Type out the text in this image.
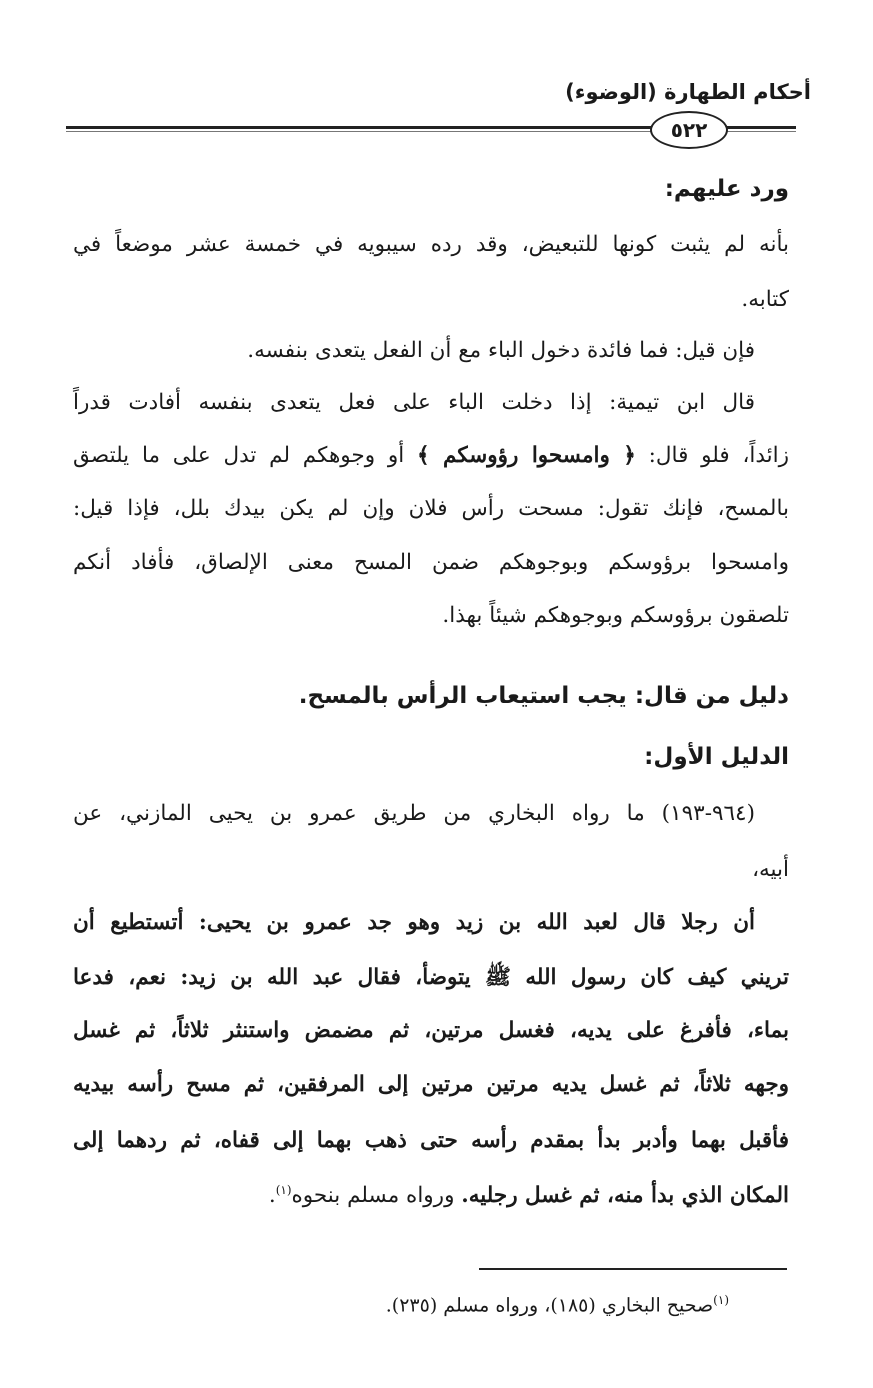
أحكام الطهارة (الوضوء)
٥٢٢
ورد عليهم:
بأنه لم يثبت كونها للتبعيض، وقد رده سيبويه في خمسة عشر موضعاً في
كتابه.
فإن قيل: فما فائدة دخول الباء مع أن الفعل يتعدى بنفسه.
قال ابن تيمية: إذا دخلت الباء على فعل يتعدى بنفسه أفادت قدراً
زائداً، فلو قال: ﴿ وامسحوا رؤوسكم ﴾ أو وجوهكم لم تدل على ما يلتصق
بالمسح، فإنك تقول: مسحت رأس فلان وإن لم يكن بيدك بلل، فإذا قيل:
وامسحوا برؤوسكم وبوجوهكم ضمن المسح معنى الإلصاق، فأفاد أنكم
تلصقون برؤوسكم وبوجوهكم شيئاً بهذا.
دليل من قال: يجب استيعاب الرأس بالمسح.
الدليل الأول:
(٩٦٤-١٩٣) ما رواه البخاري من طريق عمرو بن يحيى المازني، عن
أبيه،
أن رجلا قال لعبد الله بن زيد وهو جد عمرو بن يحيى: أتستطيع أن
تريني كيف كان رسول الله ﷺ يتوضأ، فقال عبد الله بن زيد: نعم، فدعا
بماء، فأفرغ على يديه، فغسل مرتين، ثم مضمض واستنثر ثلاثاً، ثم غسل
وجهه ثلاثاً، ثم غسل يديه مرتين مرتين إلى المرفقين، ثم مسح رأسه بيديه
فأقبل بهما وأدبر بدأ بمقدم رأسه حتى ذهب بهما إلى قفاه، ثم ردهما إلى
المكان الذي بدأ منه، ثم غسل رجليه. ورواه مسلم بنحوه$^{(١)}$.
$^{(١)}$صحيح البخاري (١٨٥)، ورواه مسلم (٢٣٥).
